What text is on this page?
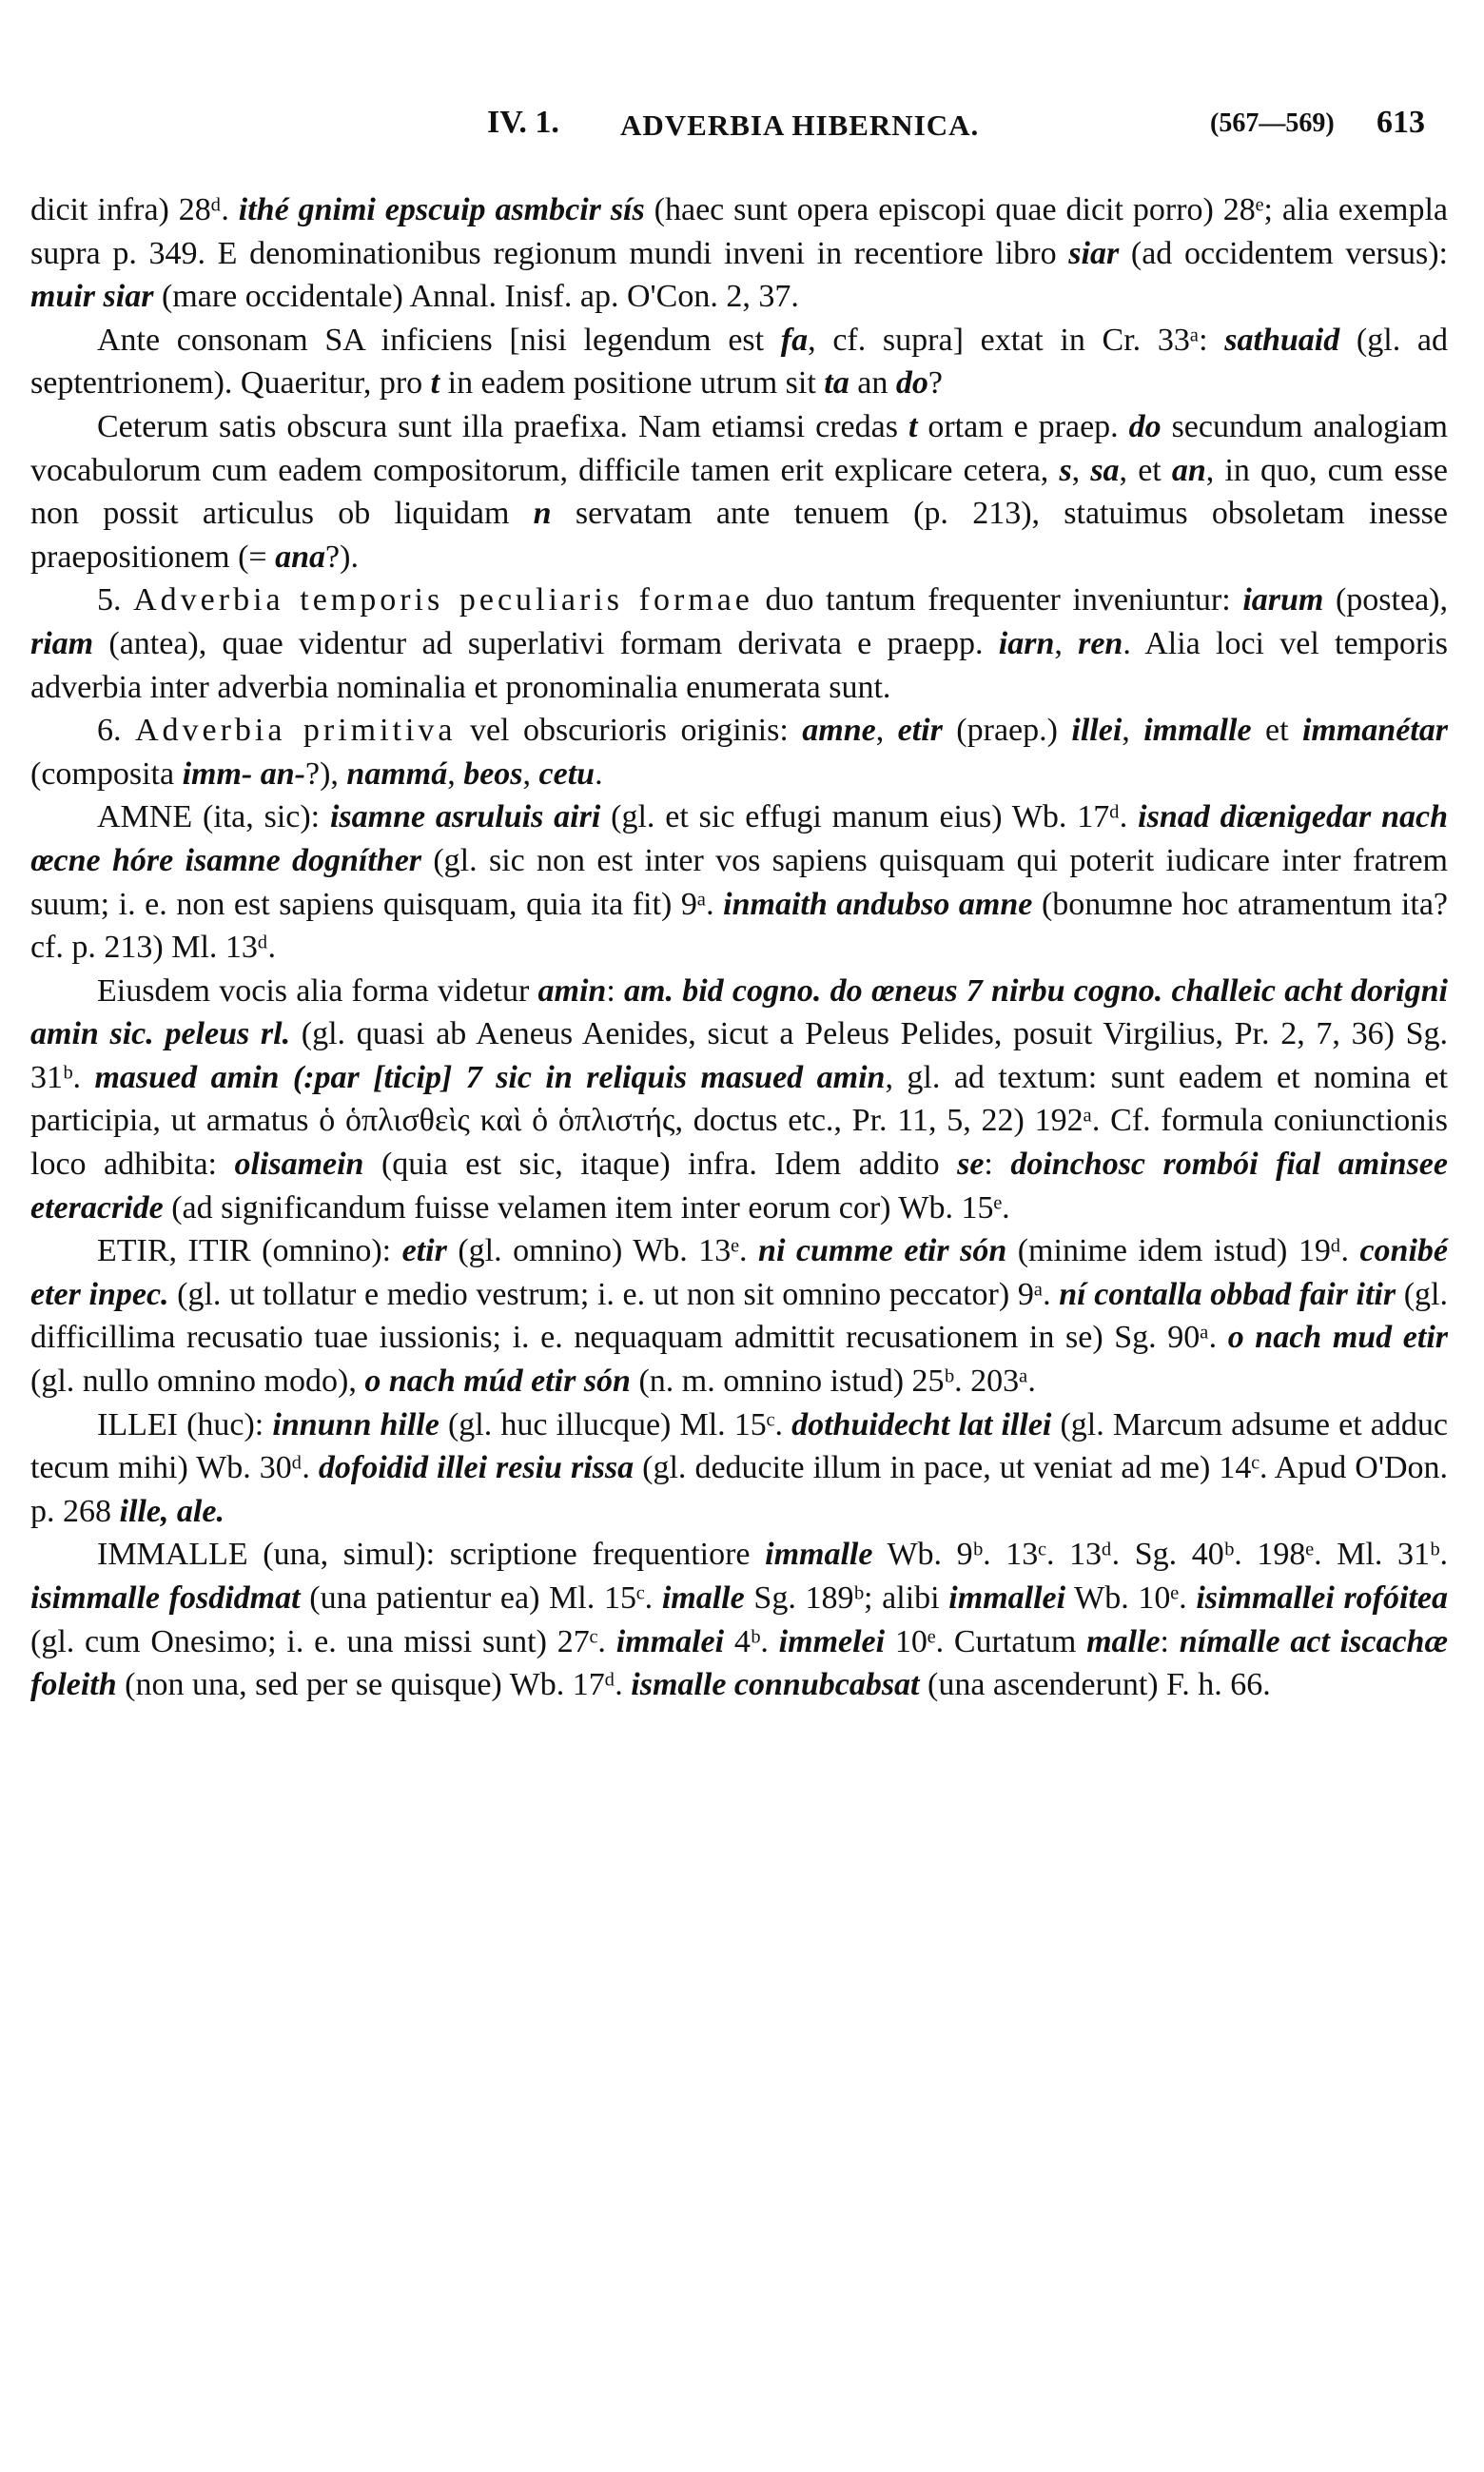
IV. 1. ADVERBIA HIBERNICA.	(567—569) 613

dicit infra) 28ᵈ. ithé gnimi epscuip asmbcir sís (haec sunt opera episcopi quae dicit porro) 28ᵉ; alia exempla supra p. 349. E denominationibus regionum mundi inveni in recentiore libro siar (ad occidentem versus): muir siar (mare occidentale) Annal. Inisf. ap. O'Con. 2, 37.

Ante consonam SA inficiens [nisi legendum est fa, cf. supra] extat in Cr. 33ᵃ: sathuaid (gl. ad septentrionem). Quaeritur, pro t in eadem positione utrum sit ta an do?

Ceterum satis obscura sunt illa praefixa. Nam etiamsi credas t ortam e praep. do secundum analogiam vocabulorum cum eadem compositorum, difficile tamen erit explicare cetera, s, sa, et an, in quo, cum esse non possit articulus ob liquidam n servatam ante tenuem (p. 213), statuimus obsoletam inesse praepositionem (= ana?).

5. Adverbia temporis peculiaris formae duo tantum frequenter inveniuntur: iarum (postea), riam (antea), quae videntur ad superlativi formam derivata e praepp. iarn, ren. Alia loci vel temporis adverbia inter adverbia nominalia et pronominalia enumerata sunt.

6. Adverbia primitiva vel obscurioris originis: amne, etir (praep.) illei, immalle et immanétar (composita imm- an-?), nammá, beos, cetu.

AMNE (ita, sic): isamne asruluis airi (gl. et sic effugi manum eius) Wb. 17ᵈ. isnad diænigedar nach œcne hóre isamne dogníther (gl. sic non est inter vos sapiens quisquam qui poterit iudicare inter fratrem suum; i. e. non est sapiens quisquam, quia ita fit) 9ᵃ. inmaith andubso amne (bonumne hoc atramentum ita? cf. p. 213) Ml. 13ᵈ.

Eiusdem vocis alia forma videtur amin: am. bid cogno. do œneus 7 nirbu cogno. challeic acht dorigni amin sic. peleus rl. (gl. quasi ab Aeneus Aenides, sicut a Peleus Pelides, posuit Virgilius, Pr. 2, 7, 36) Sg. 31ᵇ. masued amin (:par [ticip] 7 sic in reliquis masued amin, gl. ad textum: sunt eadem et nomina et participia, ut armatus ὁ ὁπλισθεὶς καὶ ὁ ὁπλιστής, doctus etc., Pr. 11, 5, 22) 192ᵃ. Cf. formula coniunctionis loco adhibita: olisamein (quia est sic, itaque) infra. Idem addito se: doinchosc rombói fial aminsee eteracride (ad significandum fuisse velamen item inter eorum cor) Wb. 15ᵉ.

ETIR, ITIR (omnino): etir (gl. omnino) Wb. 13ᵉ. ni cumme etir són (minime idem istud) 19ᵈ. conibé eter inpec. (gl. ut tollatur e medio vestrum; i. e. ut non sit omnino peccator) 9ᵃ. ní contalla obbad fair itir (gl. difficillima recusatio tuae iussionis; i. e. nequaquam admittit recusationem in se) Sg. 90ᵃ. o nach mud etir (gl. nullo omnino modo), o nach múd etir són (n. m. omnino istud) 25ᵇ. 203ᵃ.

ILLEI (huc): innunn hille (gl. huc illucque) Ml. 15ᶜ. dothuidecht lat illei (gl. Marcum adsume et adduc tecum mihi) Wb. 30ᵈ. dofoidid illei resiu rissa (gl. deducite illum in pace, ut veniat ad me) 14ᶜ. Apud O'Don. p. 268 ille, ale.

IMMALLE (una, simul): scriptione frequentiore immalle Wb. 9ᵇ. 13ᶜ. 13ᵈ. Sg. 40ᵇ. 198ᵉ. Ml. 31ᵇ. isimmalle fosdidmat (una patientur ea) Ml. 15ᶜ. imalle Sg. 189ᵇ; alibi immallei Wb. 10ᵉ. isimmallei rofóitea (gl. cum Onesimo; i. e. una missi sunt) 27ᶜ. immalei 4ᵇ. immelei 10ᵉ. Curtatum malle: nímalle act iscachæ foleith (non una, sed per se quisque) Wb. 17ᵈ. ismalle connubcabsat (una ascenderunt) F. h. 66.
